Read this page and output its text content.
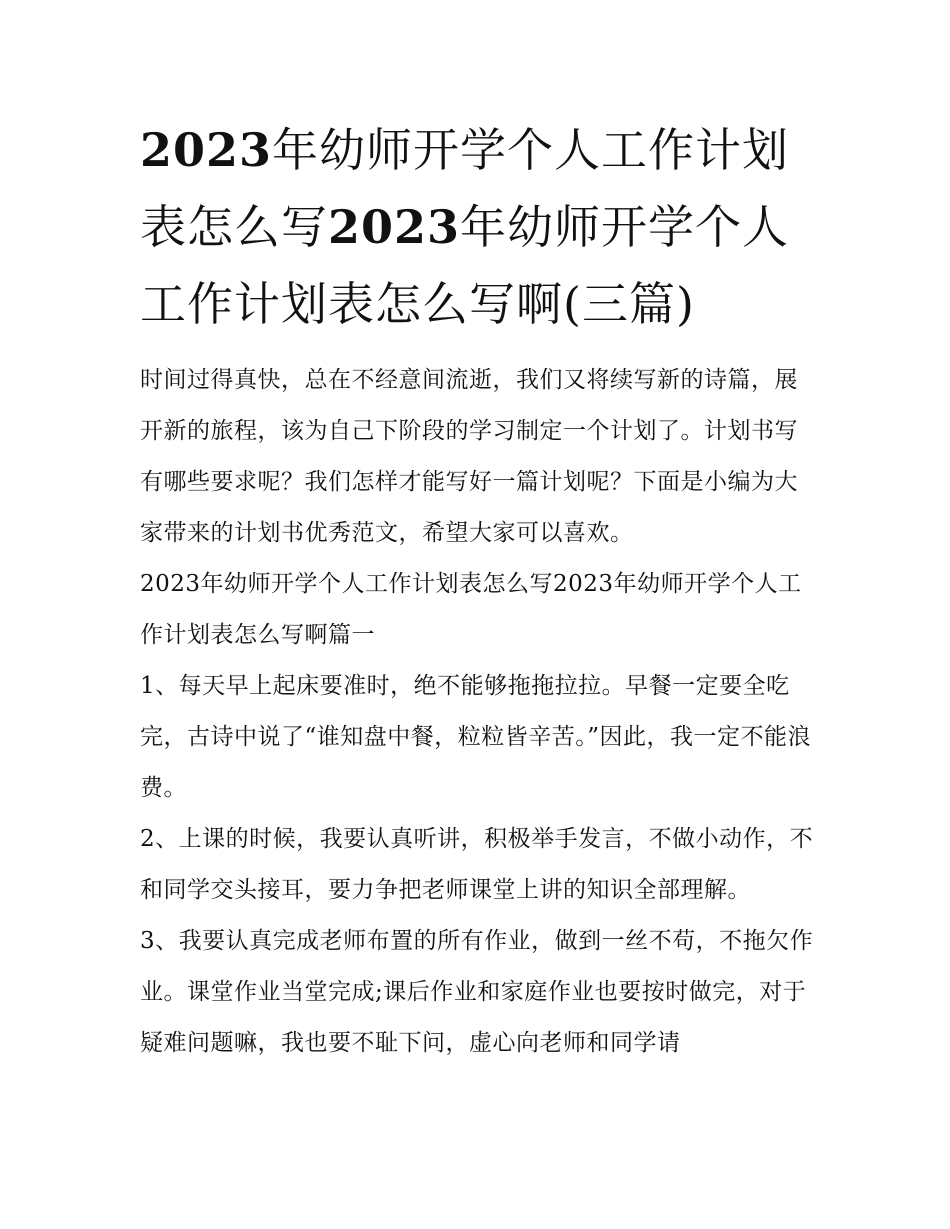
2023年幼师开学个人工作计划表怎么写2023年幼师开学个人工作计划表怎么写啊(三篇)

时间过得真快，总在不经意间流逝，我们又将续写新的诗篇，展开新的旅程，该为自己下阶段的学习制定一个计划了。计划书写有哪些要求呢？我们怎样才能写好一篇计划呢？下面是小编为大家带来的计划书优秀范文，希望大家可以喜欢。

2023年幼师开学个人工作计划表怎么写2023年幼师开学个人工作计划表怎么写啊篇一

1、每天早上起床要准时，绝不能够拖拖拉拉。早餐一定要全吃完，古诗中说了“谁知盘中餐，粒粒皆辛苦。”因此，我一定不能浪费。

2、上课的时候，我要认真听讲，积极举手发言，不做小动作，不和同学交头接耳，要力争把老师课堂上讲的知识全部理解。

3、我要认真完成老师布置的所有作业，做到一丝不苟，不拖欠作业。课堂作业当堂完成;课后作业和家庭作业也要按时做完，对于疑难问题嘛，我也要不耻下问，虚心向老师和同学请
